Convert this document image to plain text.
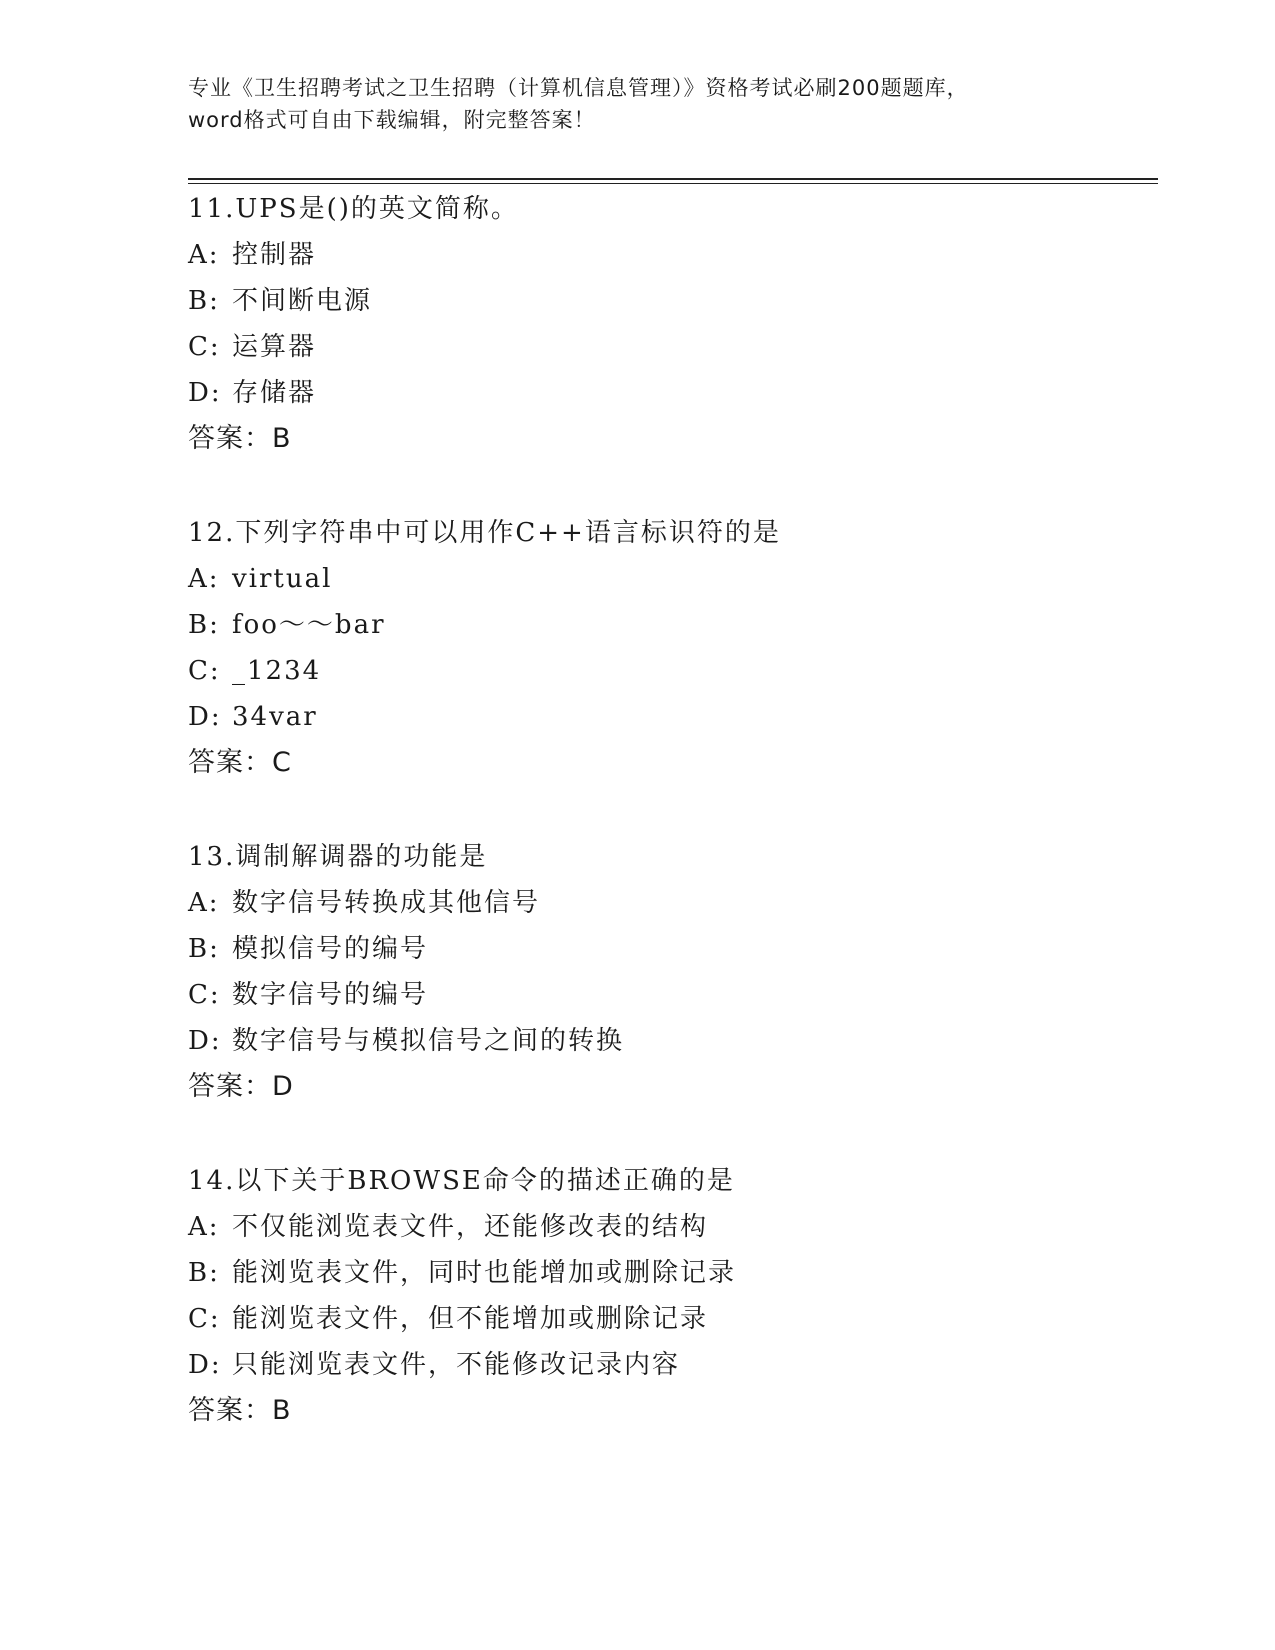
专业《卫生招聘考试之卫生招聘（计算机信息管理）》资格考试必刷200题题库，
word格式可自由下载编辑，附完整答案！
11.UPS是()的英文简称。
A: 控制器
B: 不间断电源
C: 运算器
D: 存储器
答案：B
12.下列字符串中可以用作C++语言标识符的是
A: virtual
B: foo～～bar
C: _1234
D: 34var
答案：C
13.调制解调器的功能是
A: 数字信号转换成其他信号
B: 模拟信号的编号
C: 数字信号的编号
D: 数字信号与模拟信号之间的转换
答案：D
14.以下关于BROWSE命令的描述正确的是
A: 不仅能浏览表文件，还能修改表的结构
B: 能浏览表文件，同时也能增加或删除记录
C: 能浏览表文件，但不能增加或删除记录
D: 只能浏览表文件，不能修改记录内容
答案：B
